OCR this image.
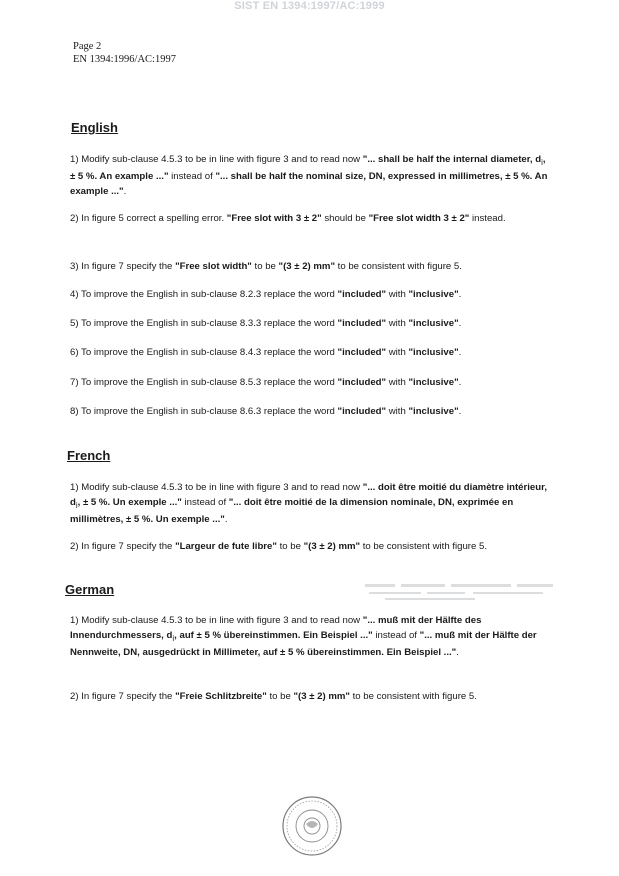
SIST EN 1394:1997/AC:1999
Page 2
EN 1394:1996/AC:1997
English
1) Modify sub-clause 4.5.3 to be in line with figure 3 and to read now "... shall be half the internal diameter, $d_i$, ± 5 %. An example ..." instead of "... shall be half the nominal size, DN, expressed in millimetres, ± 5 %. An example ...".
2) In figure 5 correct a spelling error. "Free slot with 3 ± 2" should be "Free slot width 3 ± 2" instead.
3) In figure 7 specify the "Free slot width" to be "(3 ± 2) mm" to be consistent with figure 5.
4) To improve the English in sub-clause 8.2.3 replace the word "included" with "inclusive".
5) To improve the English in sub-clause 8.3.3 replace the word "included" with "inclusive".
6) To improve the English in sub-clause 8.4.3 replace the word "included" with "inclusive".
7) To improve the English in sub-clause 8.5.3 replace the word "included" with "inclusive".
8) To improve the English in sub-clause 8.6.3 replace the word "included" with "inclusive".
French
1) Modify sub-clause 4.5.3 to be in line with figure 3 and to read now "... doit être moitié du diamètre intérieur, $d_i$, ± 5 %. Un exemple ..." instead of "... doit être moitié de la dimension nominale, DN, exprimée en millimètres, ± 5 %. Un exemple ...".
2) In figure 7 specify the "Largeur de fute libre" to be "(3 ± 2) mm" to be consistent with figure 5.
German
1) Modify sub-clause 4.5.3 to be in line with figure 3 and to read now "... muß mit der Hälfte des Innendurchmessers, $d_i$, auf ± 5 % übereinstimmen. Ein Beispiel ..." instead of "... muß mit der Hälfte der Nennweite, DN, ausgedrückt in Millimeter, auf ± 5 % übereinstimmen. Ein Beispiel ...".
2) In figure 7 specify the "Freie Schlitzbreite" to be "(3 ± 2) mm" to be consistent with figure 5.
